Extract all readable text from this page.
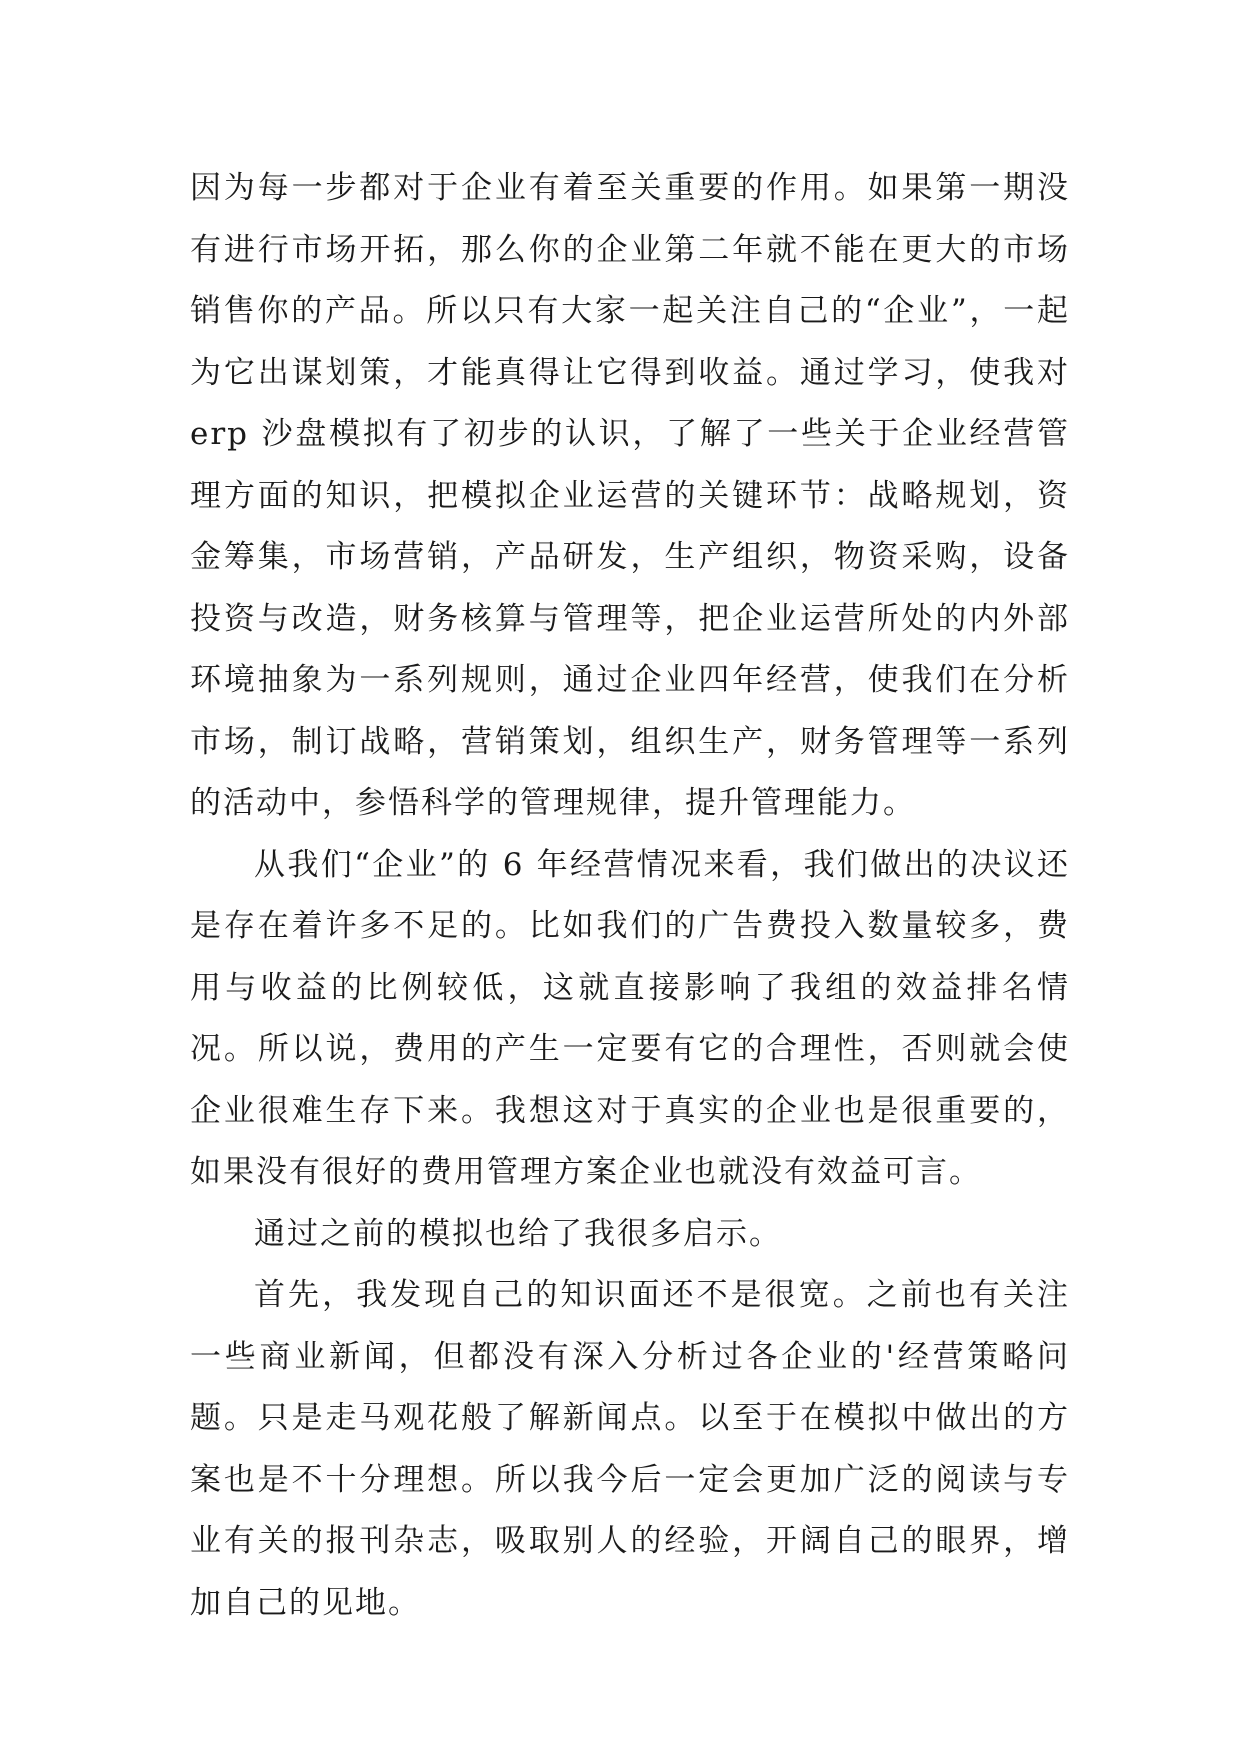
因为每一步都对于企业有着至关重要的作用。如果第一期没有进行市场开拓，那么你的企业第二年就不能在更大的市场销售你的产品。所以只有大家一起关注自己的“企业”，一起为它出谋划策，才能真得让它得到收益。通过学习，使我对 erp 沙盘模拟有了初步的认识，了解了一些关于企业经营管理方面的知识，把模拟企业运营的关键环节：战略规划，资金筹集，市场营销，产品研发，生产组织，物资采购，设备投资与改造，财务核算与管理等，把企业运营所处的内外部环境抽象为一系列规则，通过企业四年经营，使我们在分析市场，制订战略，营销策划，组织生产，财务管理等一系列的活动中，参悟科学的管理规律，提升管理能力。

从我们“企业”的 6 年经营情况来看，我们做出的决议还是存在着许多不足的。比如我们的广告费投入数量较多，费用与收益的比例较低，这就直接影响了我组的效益排名情况。所以说，费用的产生一定要有它的合理性，否则就会使企业很难生存下来。我想这对于真实的企业也是很重要的，如果没有很好的费用管理方案企业也就没有效益可言。

通过之前的模拟也给了我很多启示。

首先，我发现自己的知识面还不是很宽。之前也有关注一些商业新闻，但都没有深入分析过各企业的'经营策略问题。只是走马观花般了解新闻点。以至于在模拟中做出的方案也是不十分理想。所以我今后一定会更加广泛的阅读与专业有关的报刊杂志，吸取别人的经验，开阔自己的眼界，增加自己的见地。
